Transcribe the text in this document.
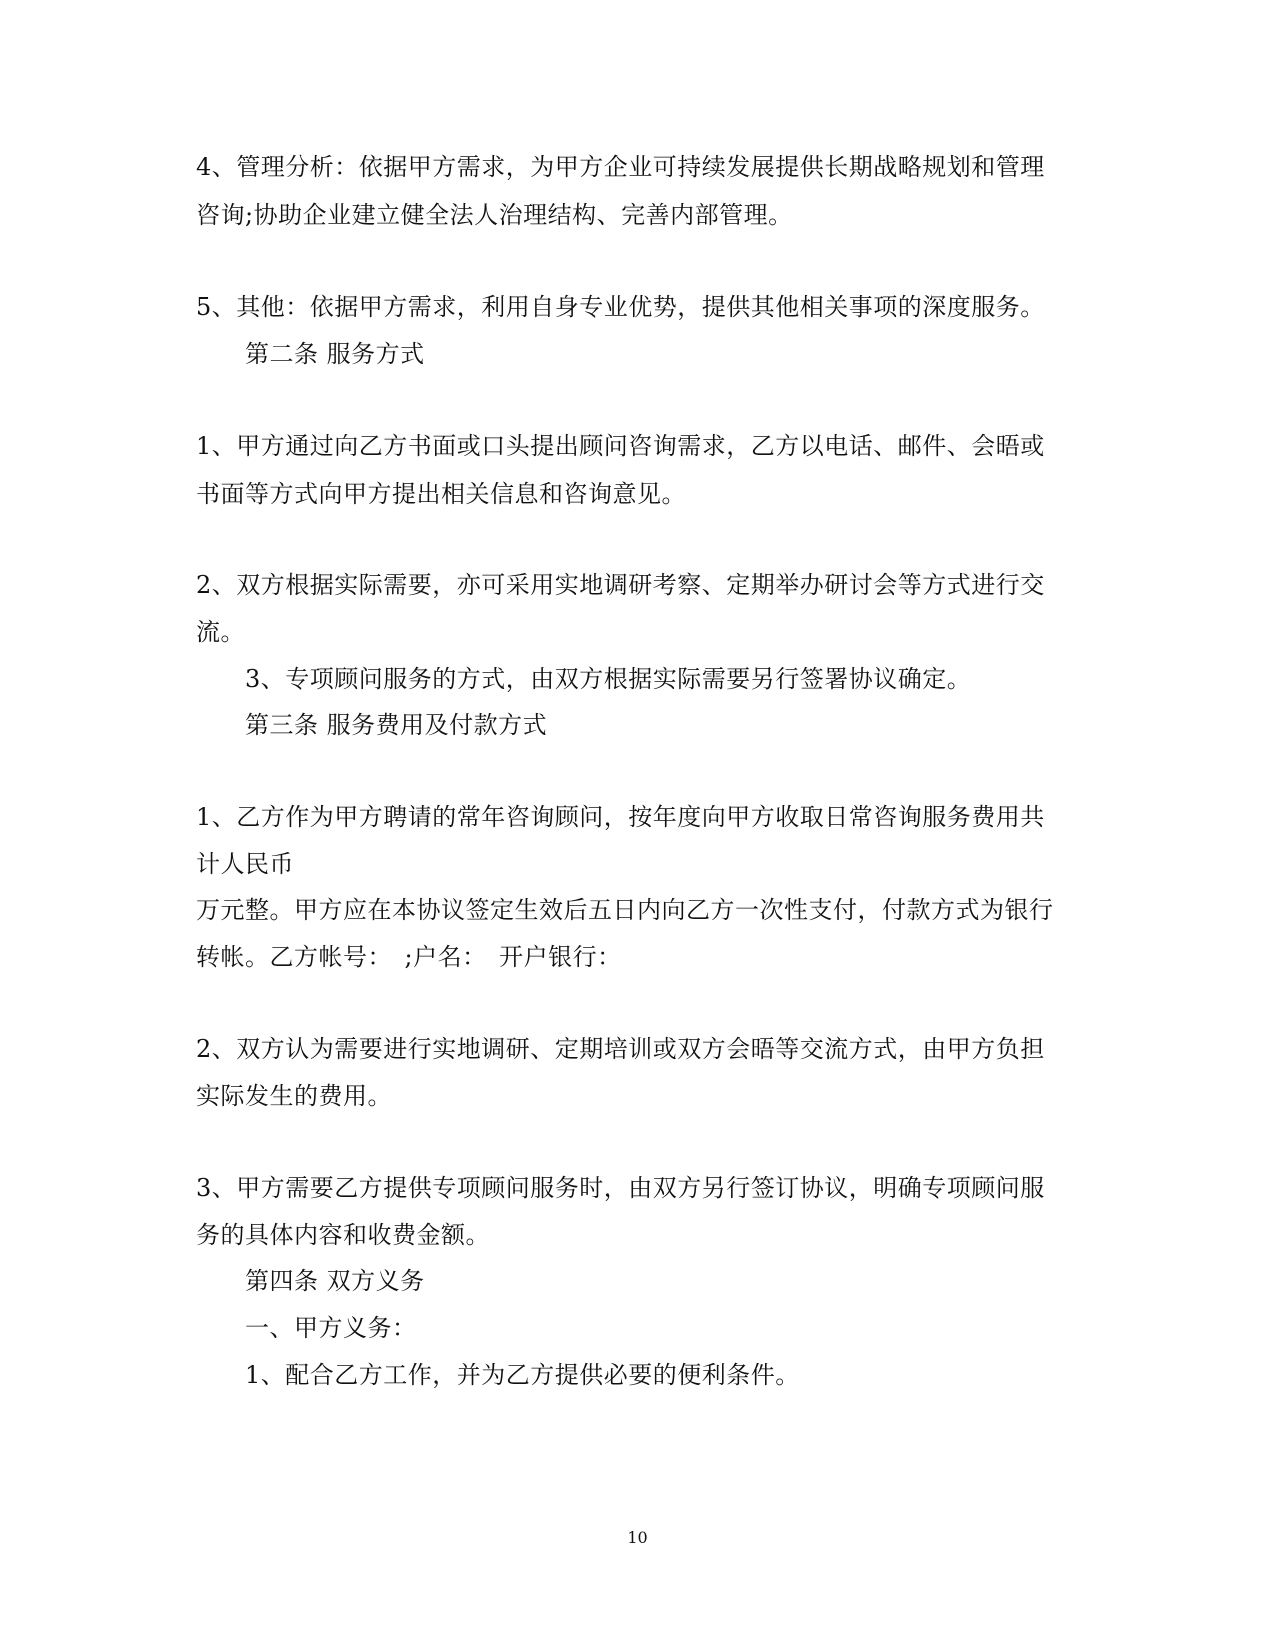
4、管理分析：依据甲方需求，为甲方企业可持续发展提供长期战略规划和管理
咨询;协助企业建立健全法人治理结构、完善内部管理。
5、其他：依据甲方需求，利用自身专业优势，提供其他相关事项的深度服务。
第二条 服务方式
1、甲方通过向乙方书面或口头提出顾问咨询需求，乙方以电话、邮件、会晤或
书面等方式向甲方提出相关信息和咨询意见。
2、双方根据实际需要，亦可采用实地调研考察、定期举办研讨会等方式进行交
流。
3、专项顾问服务的方式，由双方根据实际需要另行签署协议确定。
第三条 服务费用及付款方式
1、乙方作为甲方聘请的常年咨询顾问，按年度向甲方收取日常咨询服务费用共
计人民币
万元整。甲方应在本协议签定生效后五日内向乙方一次性支付，付款方式为银行
转帐。乙方帐号：　;户名：　开户银行：
2、双方认为需要进行实地调研、定期培训或双方会晤等交流方式，由甲方负担
实际发生的费用。
3、甲方需要乙方提供专项顾问服务时，由双方另行签订协议，明确专项顾问服
务的具体内容和收费金额。
第四条 双方义务
一、甲方义务：
1、配合乙方工作，并为乙方提供必要的便利条件。
10
